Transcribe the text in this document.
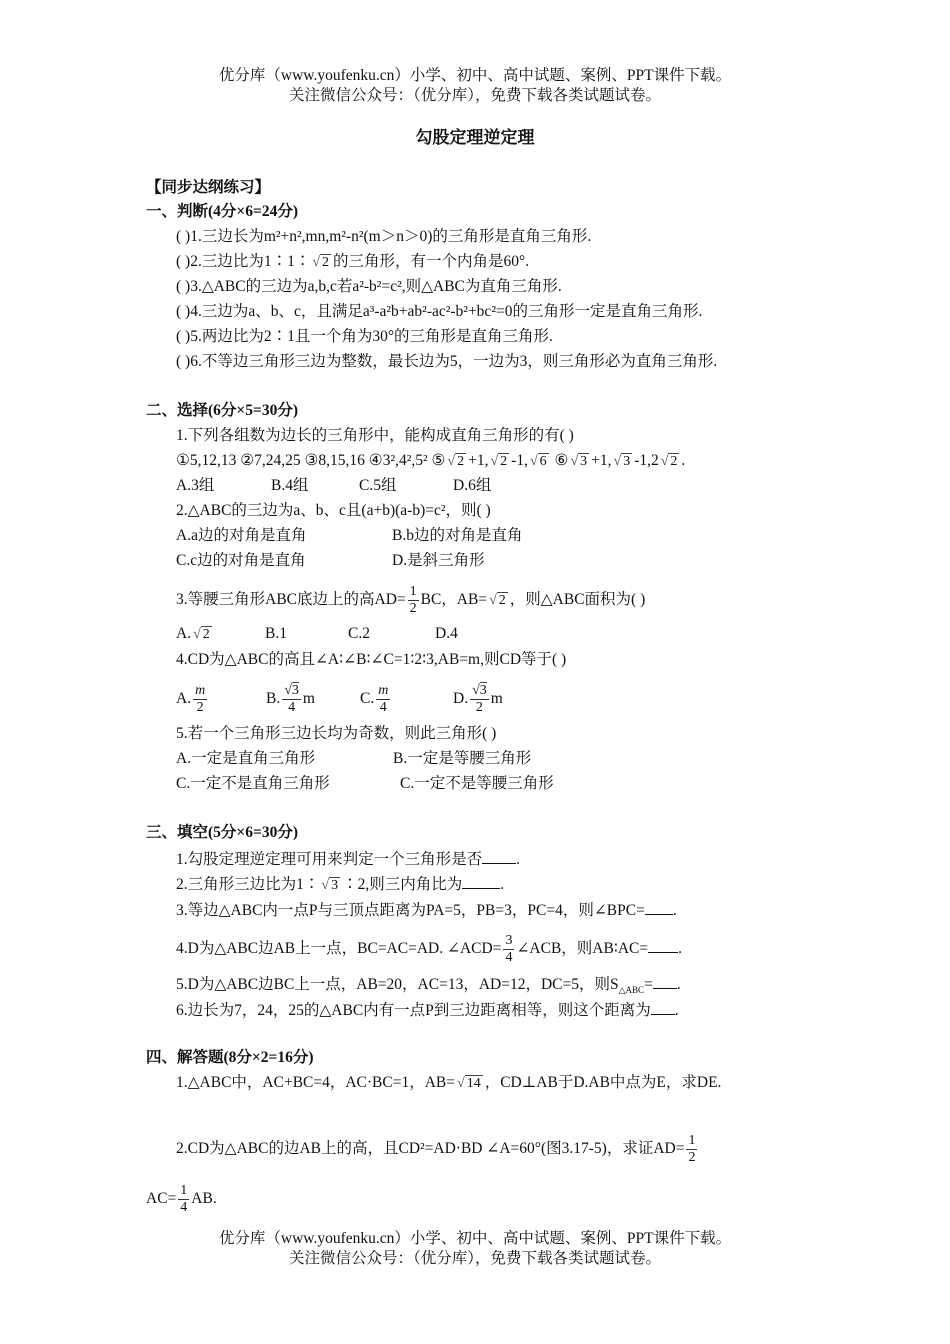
优分库（www.youfenku.cn）小学、初中、高中试题、案例、PPT课件下载。
关注微信公众号：（优分库），免费下载各类试题试卷。
勾股定理逆定理
【同步达纲练习】
一、判断(4分×6=24分)
( )1.三边长为m²+n²,mn,m²-n²(m＞n＞0)的三角形是直角三角形.
( )2.三边比为1∶1∶ √ 2 的三角形，有一个内角是60°.
( )3.△ABC的三边为a,b,c若a²-b²=c²,则△ABC为直角三角形.
( )4.三边为a、b、c，且满足a³-a²b+ab²-ac²-b²+bc²=0的三角形一定是直角三角形.
( )5.两边比为2∶1且一个角为30°的三角形是直角三角形.
( )6.不等边三角形三边为整数，最长边为5，一边为3，则三角形必为直角三角形.
二、选择(6分×5=30分)
1.下列各组数为边长的三角形中，能构成直角三角形的有( )
①5,12,13 ②7,24,25 ③8,15,16 ④3²,4²,5² ⑤ √ 2 +1, √ 2 -1, √ 6 ⑥ √ 3 +1, √ 3 -1,2 √ 2 .
A.3组	B.4组	C.5组	D.6组
2.△ABC的三边为a、b、c且(a+b)(a-b)=c²，则( )
A.a边的对角是直角	B.b边的对角是直角
C.c边的对角是直角	D.是斜三角形
3.等腰三角形ABC底边上的高$AD= \frac{1}{2}$ BC，AB= √ 2 ，则△ABC面积为( )
A. √ 2	B.1	C.2	D.4
4.CD为△ABC的高且∠A∶∠B∶∠C=1∶2∶3,AB=m,则CD等于( )
A. $\frac{m}{2}$	B. $\frac{√3}{4}$ m	C. $\frac{m}{4}$	D. $\frac{√3}{2}$ m
5.若一个三角形三边长均为奇数，则此三角形( )
A.一定是直角三角形	B.一定是等腰三角形
C.一定不是直角三角形	C.一定不是等腰三角形
三、填空(5分×6=30分)
1.勾股定理逆定理可用来判定一个三角形是否 .
2.三角形三边比为1∶ √ 3 ∶2,则三内角比为 .
3.等边△ABC内一点P与三顶点距离为PA=5，PB=3，PC=4，则∠BPC= .
4.D为△ABC边AB上一点，BC=AC=AD. ∠ACD= $\frac{3}{4}$ ∠ACB，则AB∶AC= .
5.D为△ABC边BC上一点，AB=20，AC=13，AD=12，DC=5，则$S_{\triangle ABC}=$ .
6.边长为7，24，25的△ABC内有一点P到三边距离相等，则这个距离为 .
四、解答题(8分×2=16分)
1.△ABC中，AC+BC=4，AC·BC=1，AB= √ 14 ，CD⊥AB于D.AB中点为E，求DE.
2.CD为△ABC的边AB上的高，且CD²=AD·BD ∠A=60°(图3.17-5)，求证$AD= \frac{1}{2}$
$AC= \frac{1}{4}$ AB.
优分库（www.youfenku.cn）小学、初中、高中试题、案例、PPT课件下载。
关注微信公众号：（优分库），免费下载各类试题试卷。
